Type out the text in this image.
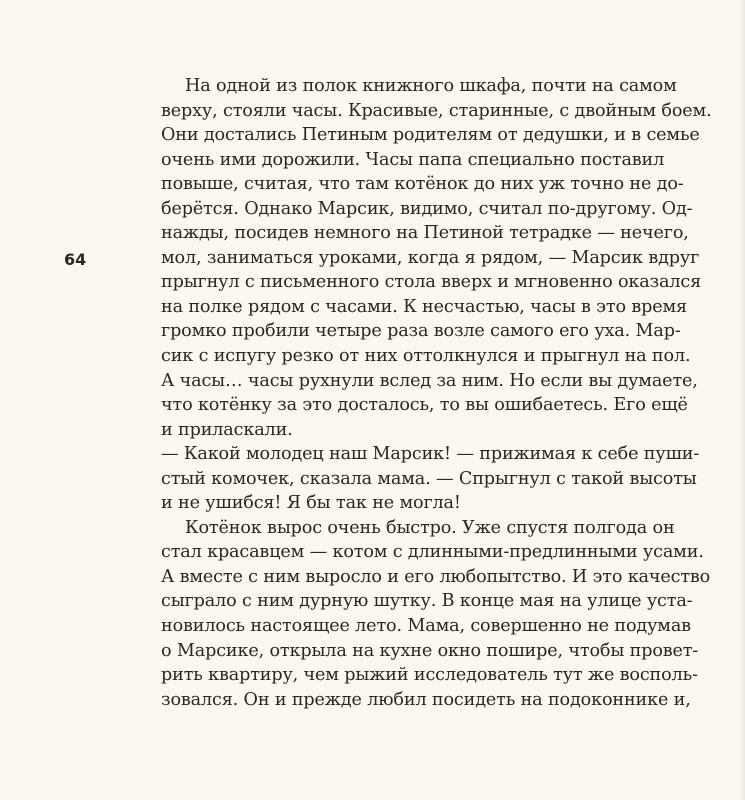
64
На одной из полок книжного шкафа, почти на самом
верху, стояли часы. Красивые, старинные, с двойным боем.
Они достались Петиным родителям от дедушки, и в семье
очень ими дорожили. Часы папа специально поставил
повыше, считая, что там котёнок до них уж точно не до-
берётся. Однако Марсик, видимо, считал по-другому. Од-
нажды, посидев немного на Петиной тетрадке — нечего,
мол, заниматься уроками, когда я рядом, — Марсик вдруг
прыгнул с письменного стола вверх и мгновенно оказался
на полке рядом с часами. К несчастью, часы в это время
громко пробили четыре раза возле самого его уха. Мар-
сик с испугу резко от них оттолкнулся и прыгнул на пол.
А часы… часы рухнули вслед за ним. Но если вы думаете,
что котёнку за это досталось, то вы ошибаетесь. Его ещё
и приласкали.
— Какой молодец наш Марсик! — прижимая к себе пуши-
стый комочек, сказала мама. — Спрыгнул с такой высоты
и не ушибся! Я бы так не могла!
Котёнок вырос очень быстро. Уже спустя полгода он
стал красавцем — котом с длинными-предлинными усами.
А вместе с ним выросло и его любопытство. И это качество
сыграло с ним дурную шутку. В конце мая на улице уста-
новилось настоящее лето. Мама, совершенно не подумав
о Марсике, открыла на кухне окно пошире, чтобы провет-
рить квартиру, чем рыжий исследователь тут же восполь-
зовался. Он и прежде любил посидеть на подоконнике и,
